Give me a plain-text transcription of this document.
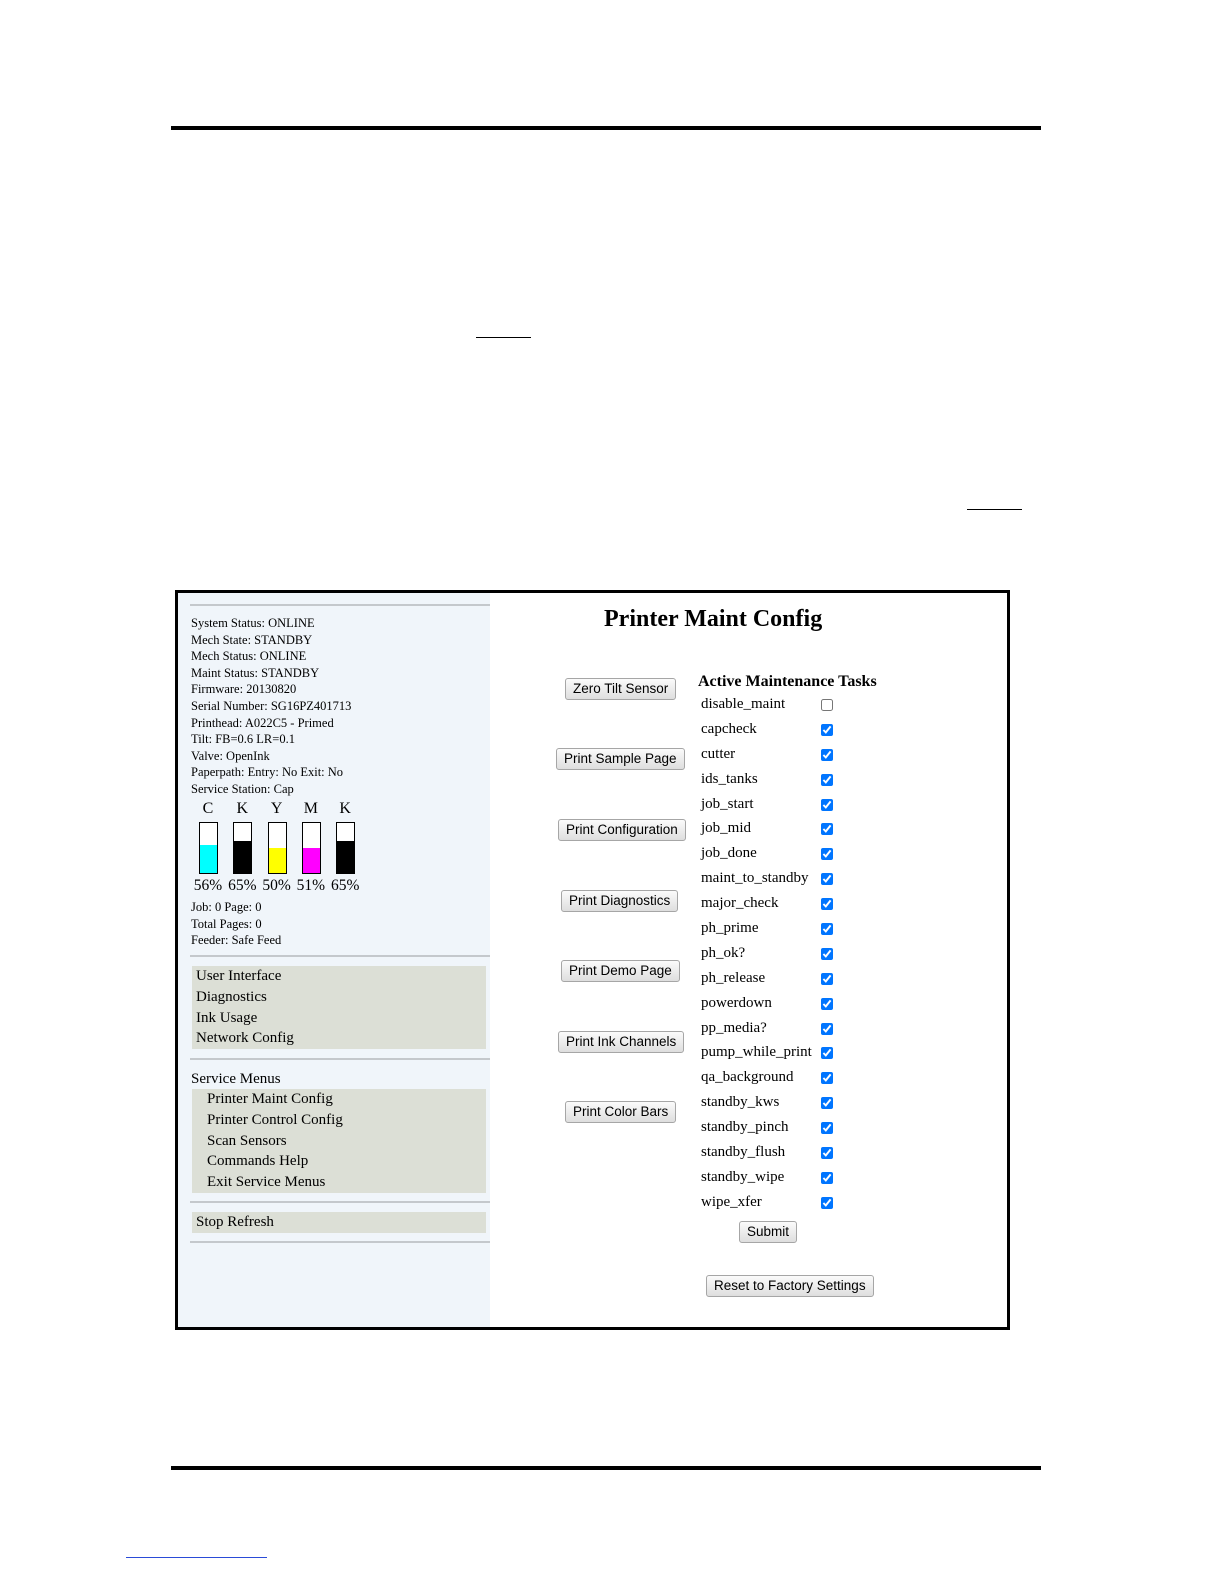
System Status: ONLINE
Mech State: STANDBY
Mech Status: ONLINE
Maint Status: STANDBY
Firmware: 20130820
Serial Number: SG16PZ401713
Printhead: A022C5 - Primed
Tilt: FB=0.6 LR=0.1
Valve: OpenInk
Paperpath: Entry: No Exit: No
Service Station: Cap
C
56%
K
65%
Y
50%
M
51%
K
65%
Job: 0 Page: 0
Total Pages: 0
Feeder: Safe Feed
User Interface
Diagnostics
Ink Usage
Network Config
Service Menus
Printer Maint Config
Printer Control Config
Scan Sensors
Commands Help
Exit Service Menus
Stop Refresh
Printer Maint Config
Zero Tilt Sensor
Print Sample Page
Print Configuration
Print Diagnostics
Print Demo Page
Print Ink Channels
Print Color Bars
Active Maintenance Tasks
disable_maint
capcheck
cutter
ids_tanks
job_start
job_mid
job_done
maint_to_standby
major_check
ph_prime
ph_ok?
ph_release
powerdown
pp_media?
pump_while_print
qa_background
standby_kws
standby_pinch
standby_flush
standby_wipe
wipe_xfer
Submit
Reset to Factory Settings
